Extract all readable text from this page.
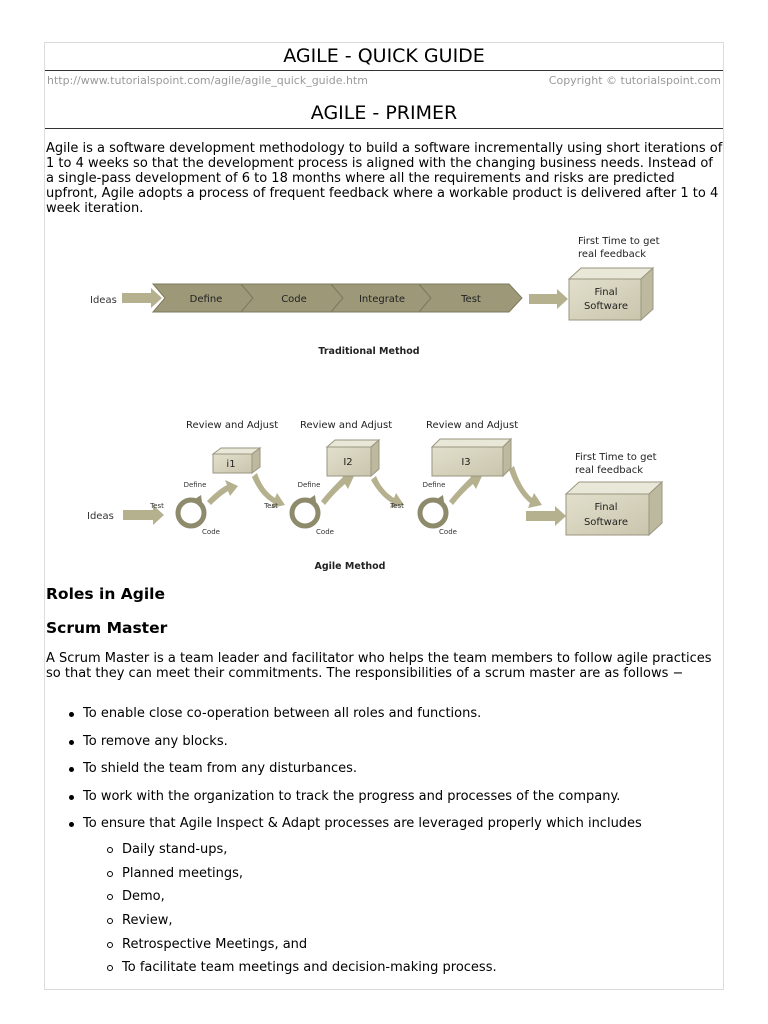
AGILE - QUICK GUIDE
http://www.tutorialspoint.com/agile/agile_quick_guide.htm	Copyright © tutorialspoint.com
AGILE - PRIMER

Agile is a software development methodology to build a software incrementally using short iterations of 1 to 4 weeks so that the development process is aligned with the changing business needs. Instead of a single-pass development of 6 to 18 months where all the requirements and risks are predicted upfront, Agile adopts a process of frequent feedback where a workable product is delivered after 1 to 4 week iteration.

Ideas	Define	Code	Integrate	Test
First Time to get
real feedback
Final
Software
Traditional Method
Ideas
Review and Adjust
Define
Test
Code
i1
Test
Review and Adjust
Define
Code
I2
Test
Review and Adjust
Define
Code
I3	First Time to get
real feedback
Final
Software
Agile Method
Roles in Agile
Scrum Master

A Scrum Master is a team leader and facilitator who helps the team members to follow agile practices so that they can meet their commitments. The responsibilities of a scrum master are as follows −

To enable close co-operation between all roles and functions.
To remove any blocks.
To shield the team from any disturbances.
To work with the organization to track the progress and processes of the company.
To ensure that Agile Inspect & Adapt processes are leveraged properly which includes
Daily stand-ups,
Planned meetings,
Demo,
Review,
Retrospective Meetings, and
To facilitate team meetings and decision-making process.
